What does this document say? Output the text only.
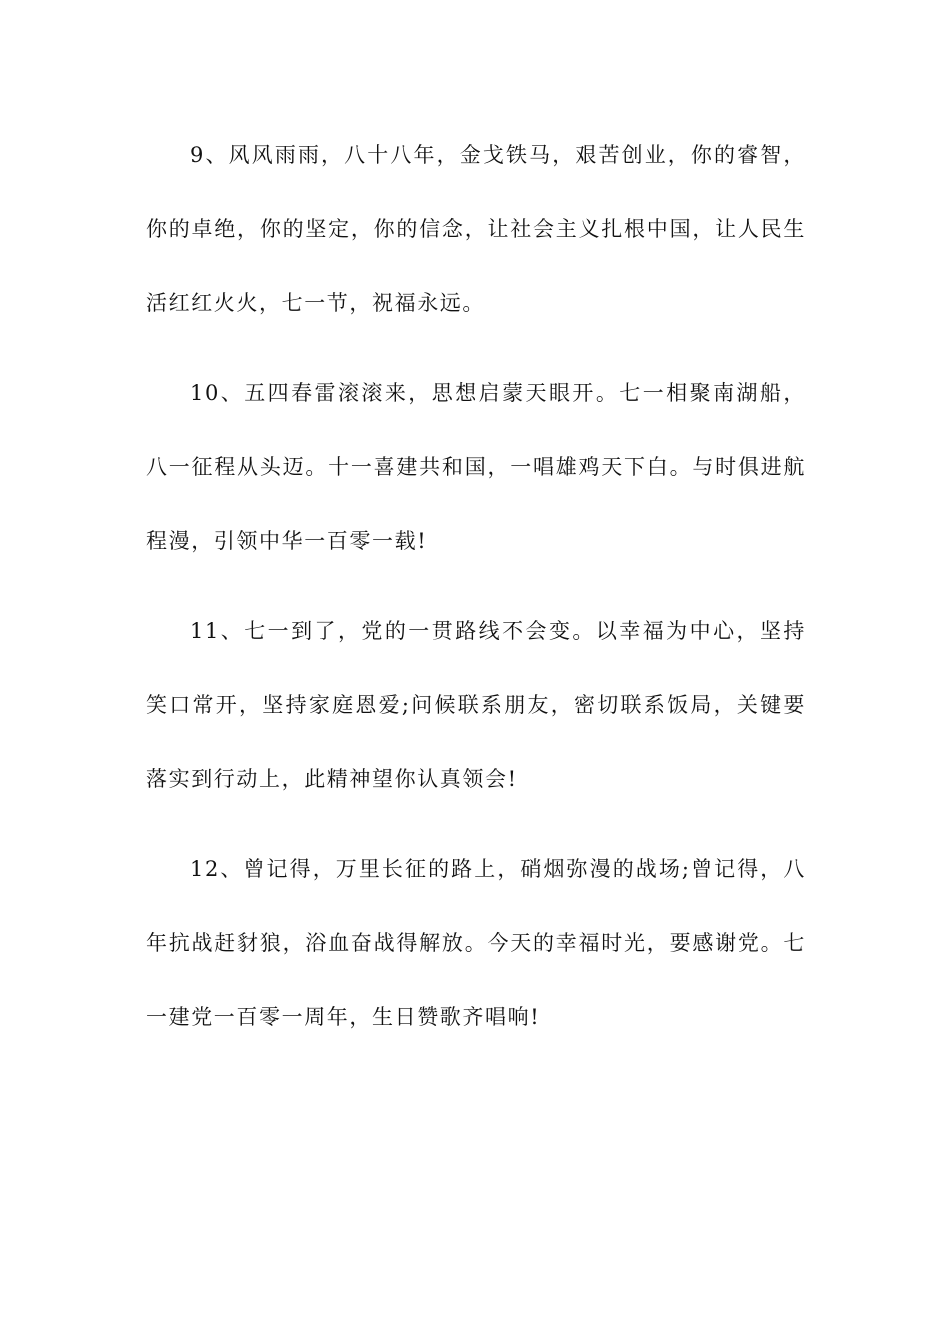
9、风风雨雨，八十八年，金戈铁马，艰苦创业，你的睿智，你的卓绝，你的坚定，你的信念，让社会主义扎根中国，让人民生活红红火火，七一节，祝福永远。

10、五四春雷滚滚来，思想启蒙天眼开。七一相聚南湖船，八一征程从头迈。十一喜建共和国，一唱雄鸡天下白。与时俱进航程漫，引领中华一百零一载!

11、七一到了，党的一贯路线不会变。以幸福为中心，坚持笑口常开，坚持家庭恩爱;问候联系朋友，密切联系饭局，关键要落实到行动上，此精神望你认真领会!

12、曾记得，万里长征的路上，硝烟弥漫的战场;曾记得，八年抗战赶豺狼，浴血奋战得解放。今天的幸福时光，要感谢党。七一建党一百零一周年，生日赞歌齐唱响!
